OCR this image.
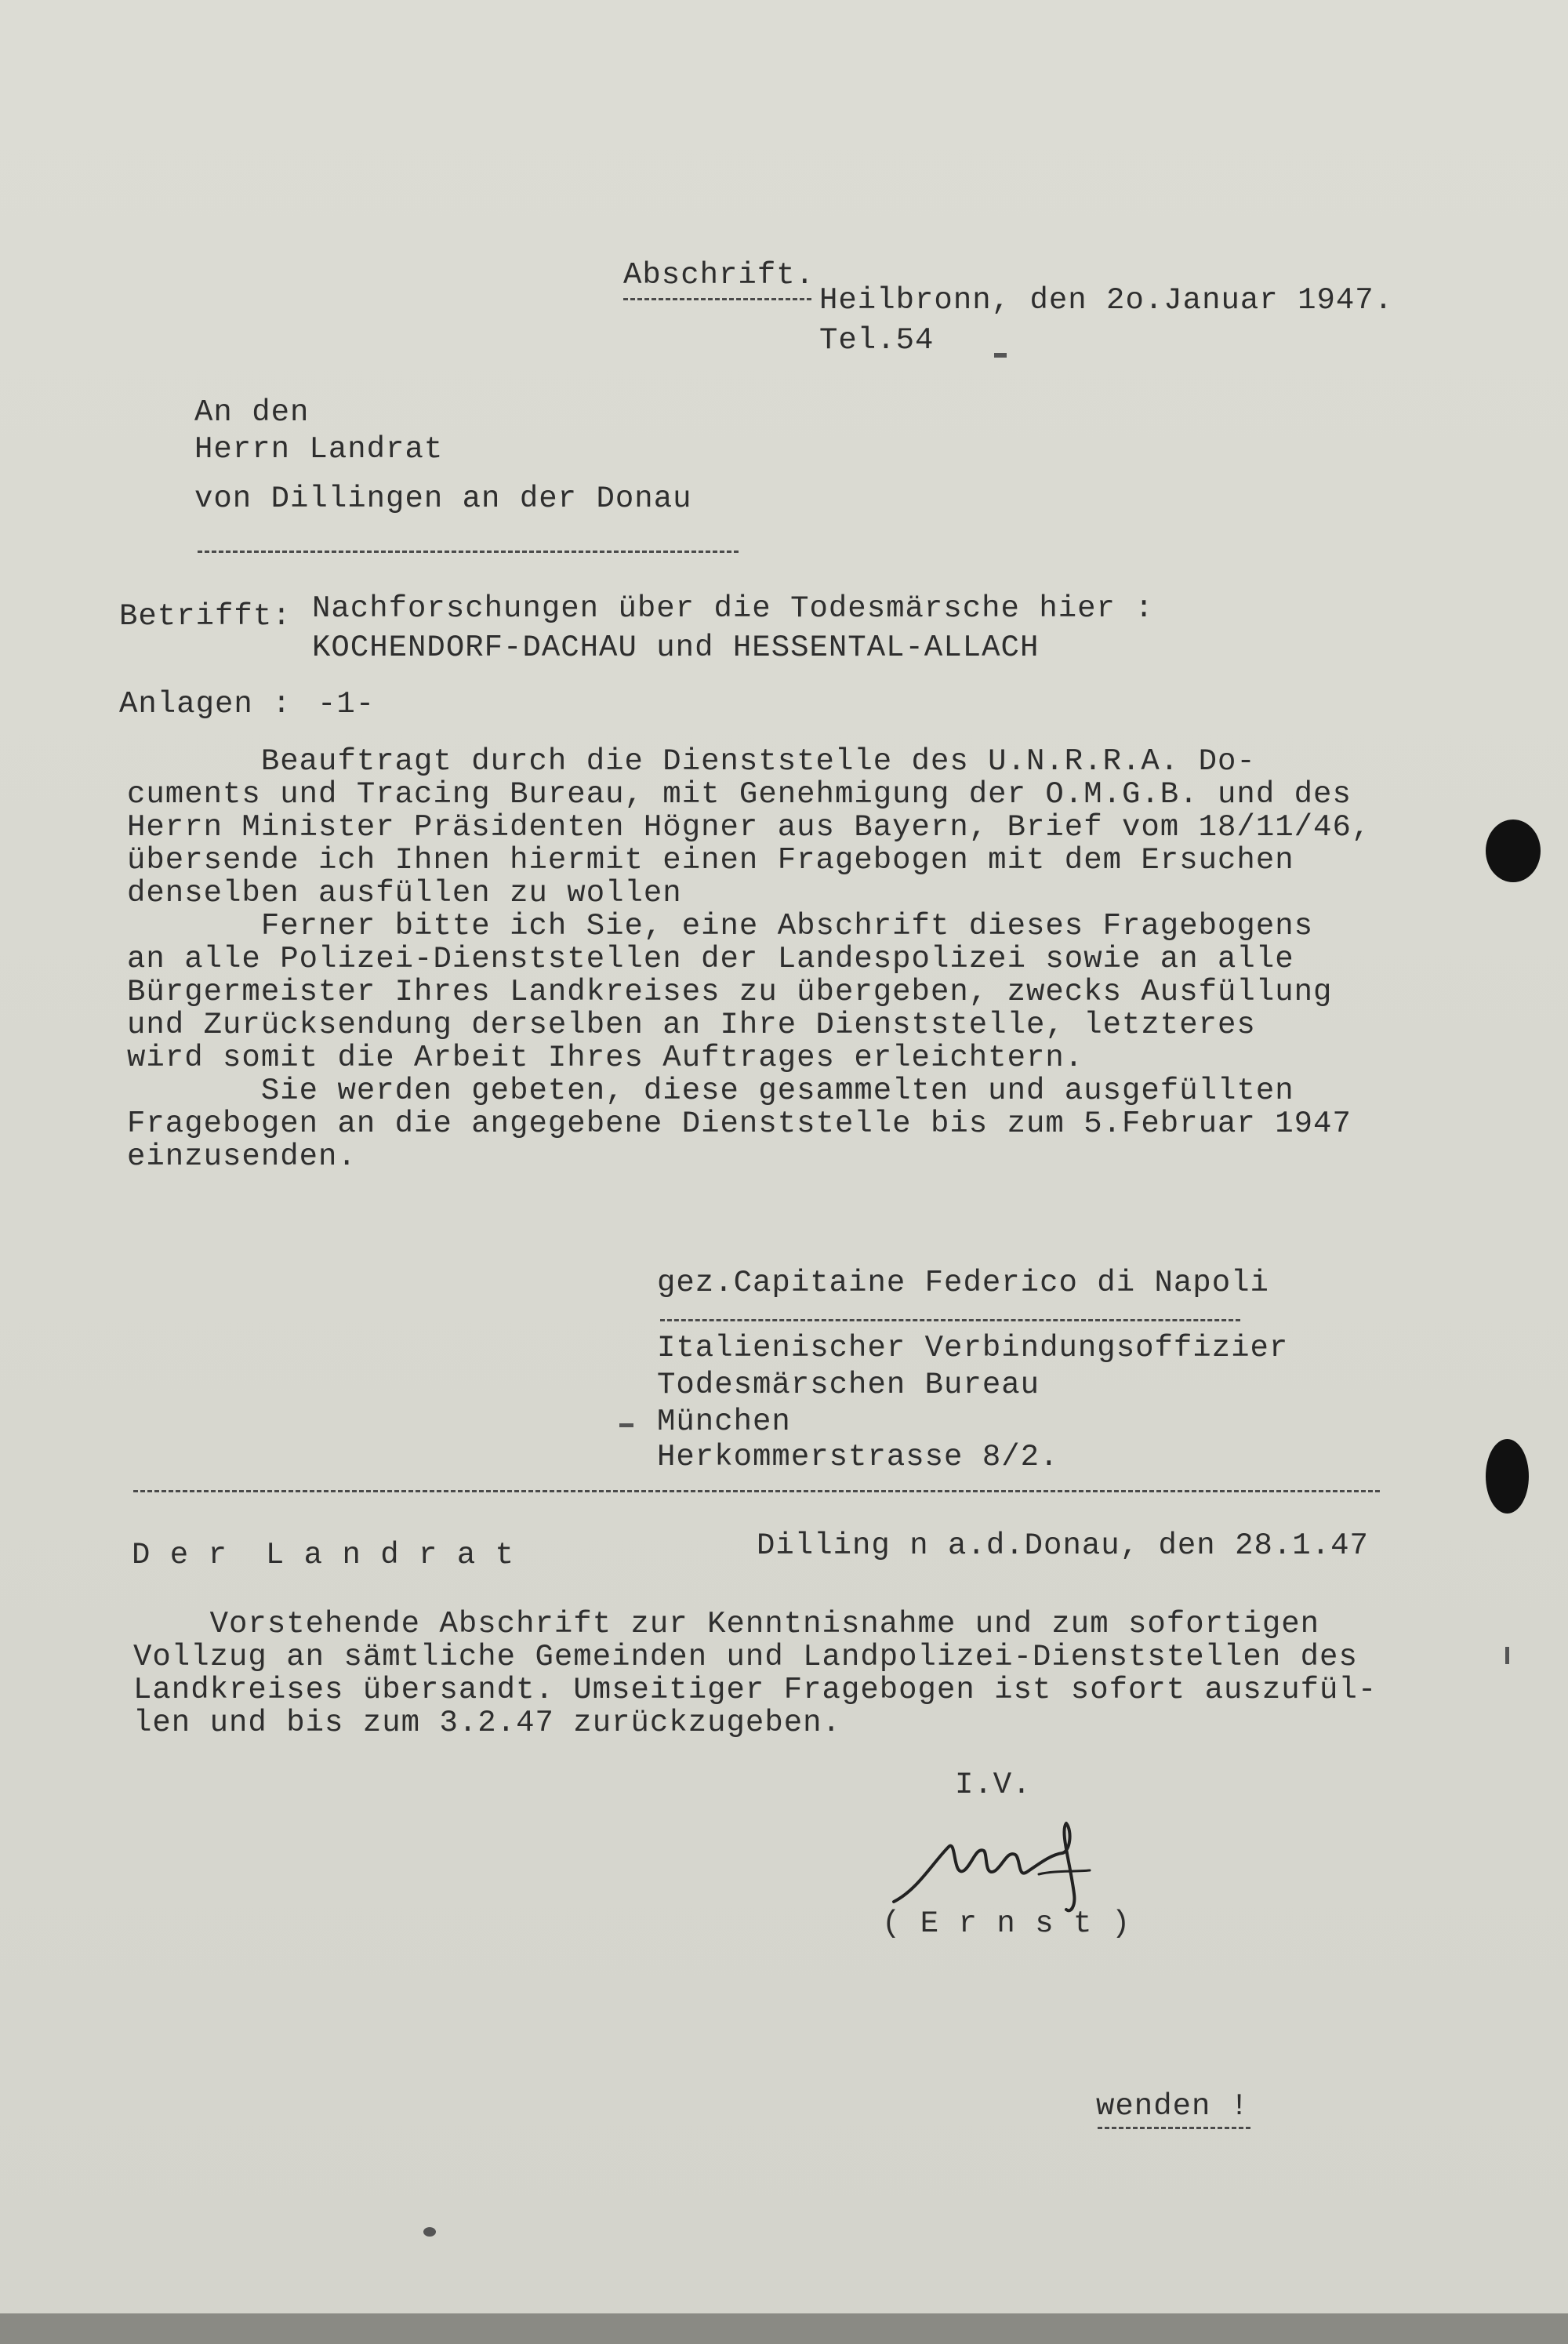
Abschrift.
Heilbronn, den 2o.Januar 1947.
Tel.54
An den
Herrn Landrat
von Dillingen an der Donau
Betrifft: Nachforschungen über die Todesmärsche hier :
KOCHENDORF-DACHAU und HESSENTAL-ALLACH
Anlagen : -1-
Beauftragt durch die Dienststelle des U.N.R.R.A. Do-
cuments und Tracing Bureau, mit Genehmigung der O.M.G.B. und des
Herrn Minister Präsidenten Högner aus Bayern, Brief vom 18/11/46,
übersende ich Ihnen hiermit einen Fragebogen mit dem Ersuchen
denselben ausfüllen zu wollen
Ferner bitte ich Sie, eine Abschrift dieses Fragebogens
an alle Polizei-Dienststellen der Landespolizei sowie an alle
Bürgermeister Ihres Landkreises zu übergeben, zwecks Ausfüllung
und Zurücksendung derselben an Ihre Dienststelle, letzteres
wird somit die Arbeit Ihres Auftrages erleichtern.
Sie werden gebeten, diese gesammelten und ausgefüllten
Fragebogen an die angegebene Dienststelle bis zum 5.Februar 1947
einzusenden.
gez.Capitaine Federico di Napoli
Italienischer Verbindungsoffizier
Todesmärschen Bureau
München
Herkommerstrasse 8/2.
D e r  L a n d r a t	Dilling n a.d.Donau, den 28.1.47
Vorstehende Abschrift zur Kenntnisnahme und zum sofortigen
Vollzug an sämtliche Gemeinden und Landpolizei-Dienststellen des
Landkreises übersandt. Umseitiger Fragebogen ist sofort auszufül-
len und bis zum 3.2.47 zurückzugeben.
I.V.
( E r n s t )
wenden !
